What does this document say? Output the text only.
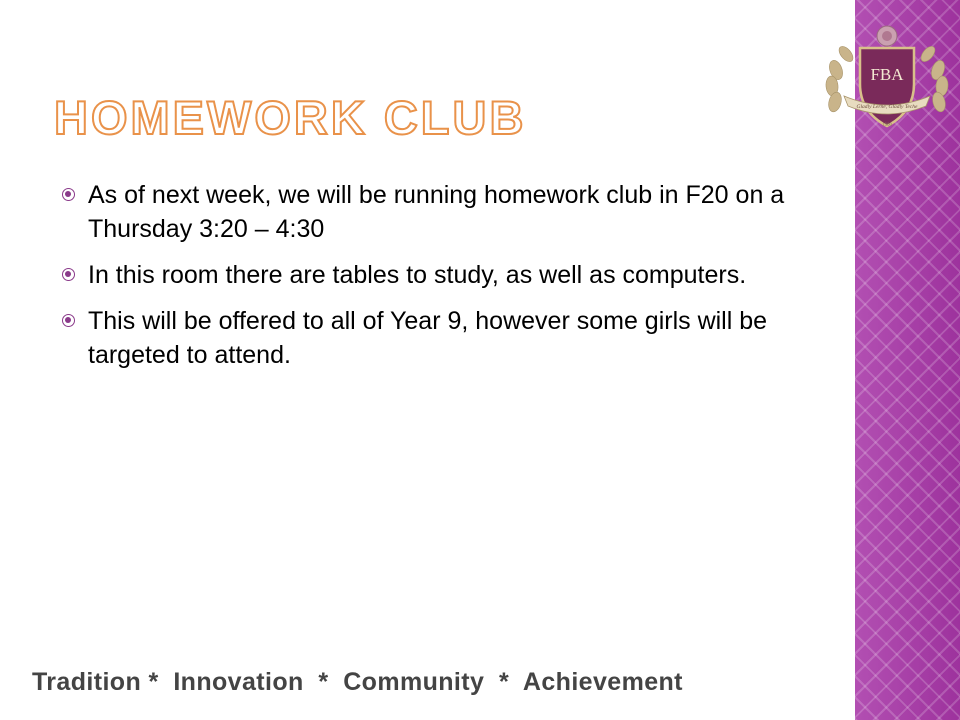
FBA
Gladly Lerne, Gladly Teche
1900
HOMEWORK CLUB
As of next week, we will be running homework club in F20 on a Thursday 3:20 – 4:30
In this room there are tables to study, as well as computers.
This will be offered to all of Year 9, however some girls will be targeted to attend.

Tradition *  Innovation  *  Community  *  Achievement
